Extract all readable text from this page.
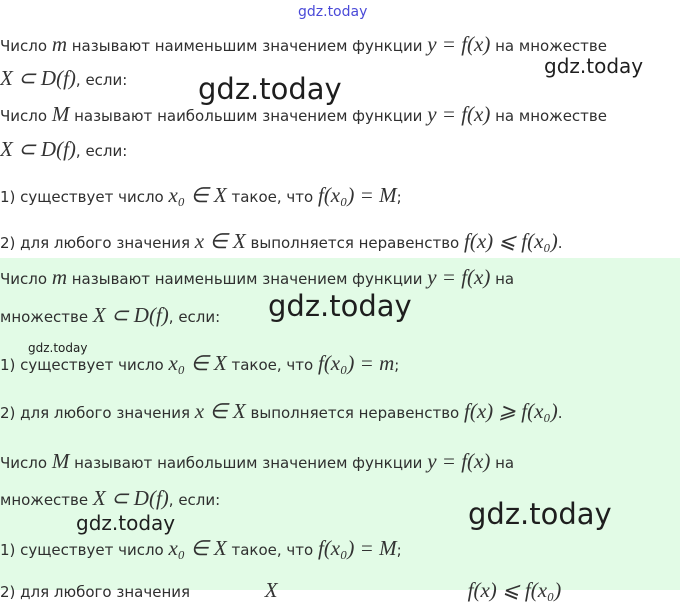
gdz.today
Число m называют наименьшим значением функции y = f(x) на множестве
X ⊂ D(f), если:
Число M называют наибольшим значением функции y = f(x) на множестве
X ⊂ D(f), если:
1) существует число x₀ ∈ X такое, что f(x₀) = M;
2) для любого значения x ∈ X выполняется неравенство f(x) ⩽ f(x₀).
Число m называют наименьшим значением функции y = f(x) на
множестве X ⊂ D(f), если:
1) существует число x₀ ∈ X такое, что f(x₀) = m;
2) для любого значения x ∈ X выполняется неравенство f(x) ⩾ f(x₀).
Число M называют наибольшим значением функции y = f(x) на
множестве X ⊂ D(f), если:
1) существует число x₀ ∈ X такое, что f(x₀) = M;
2) для любого значения	X	f(x) ⩽ f(x₀)
gdz.today
gdz.today
gdz.today
gdz.today
gdz.today
gdz.today
